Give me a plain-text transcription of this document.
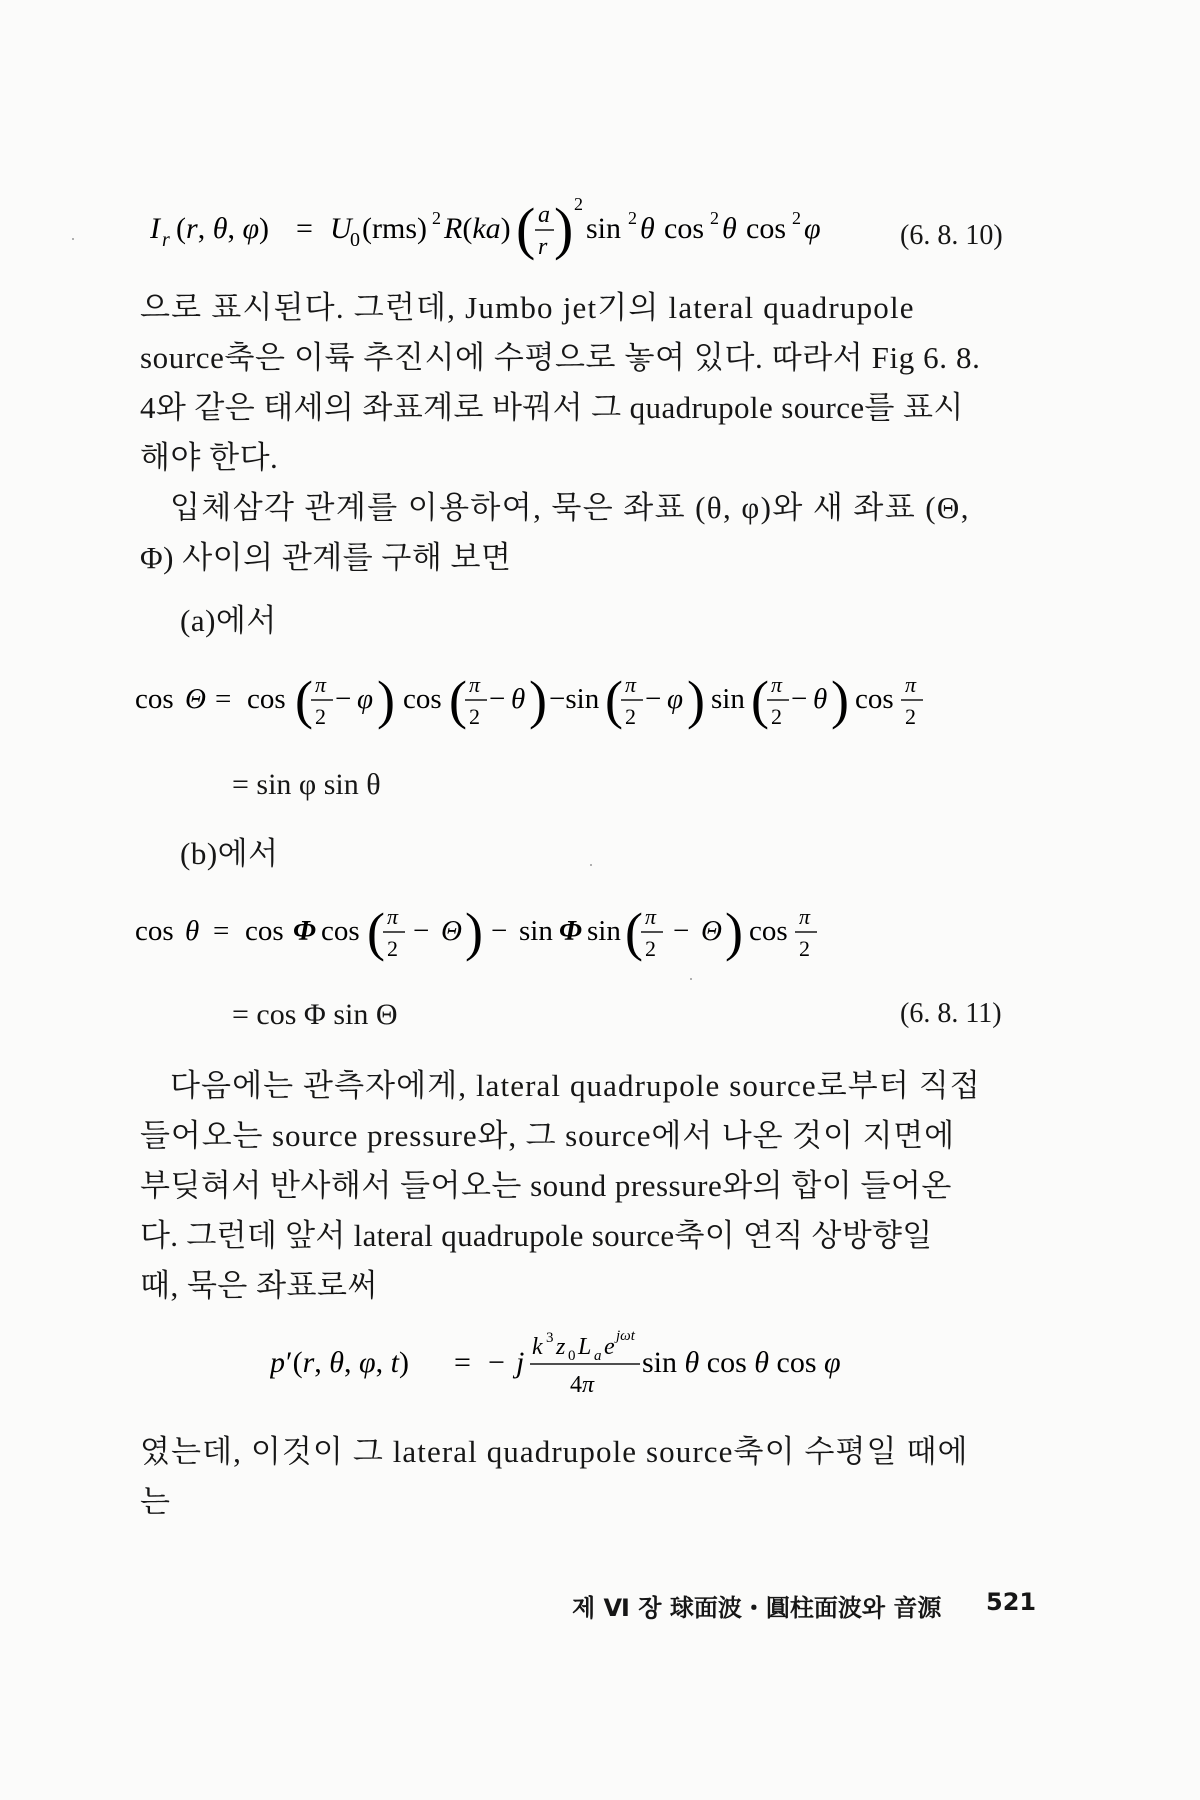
I r (r, θ, φ) = U
0 (rms) 2 R(ka) ( a
r ) 2
sin 2 θ cos 2 θ cos 2 φ	(6. 8. 10)
으로 표시된다. 그런데, Jumbo jet기의 lateral quadrupole
source축은 이륙 추진시에 수평으로 놓여 있다. 따라서 Fig 6. 8.
4와 같은 태세의 좌표계로 바꿔서 그 quadrupole source를 표시
해야 한다.
입체삼각 관계를 이용하여, 묵은 좌표 (θ, φ)와 새 좌표 (Θ,
Φ) 사이의 관계를 구해 보면
(a)에서
cos Θ = cos ( π
2
− φ ) cos ( π
2
− θ ) −sin ( π
2
− φ ) sin ( π
2
− θ ) cos π
2
= sin φ sin θ
(b)에서
cos θ = cos Φ cos ( π
2
− Θ ) − sin Φ sin ( π
2
− Θ ) cos π
2
= cos Φ sin Θ	(6. 8. 11)
다음에는 관측자에게, lateral quadrupole source로부터 직접
들어오는 source pressure와, 그 source에서 나온 것이 지면에
부딪혀서 반사해서 들어오는 sound pressure와의 합이 들어온
다. 그런데 앞서 lateral quadrupole source축이 연직 상방향일
때, 묵은 좌표로써
p ′(r, θ, φ, t) = − j k 3 z 0 L a e jωt
4π
sin θ cos θ cos φ
였는데, 이것이 그 lateral quadrupole source축이 수평일 때에
는
제 Ⅵ 장 球面波・圓柱面波와 音源 521
